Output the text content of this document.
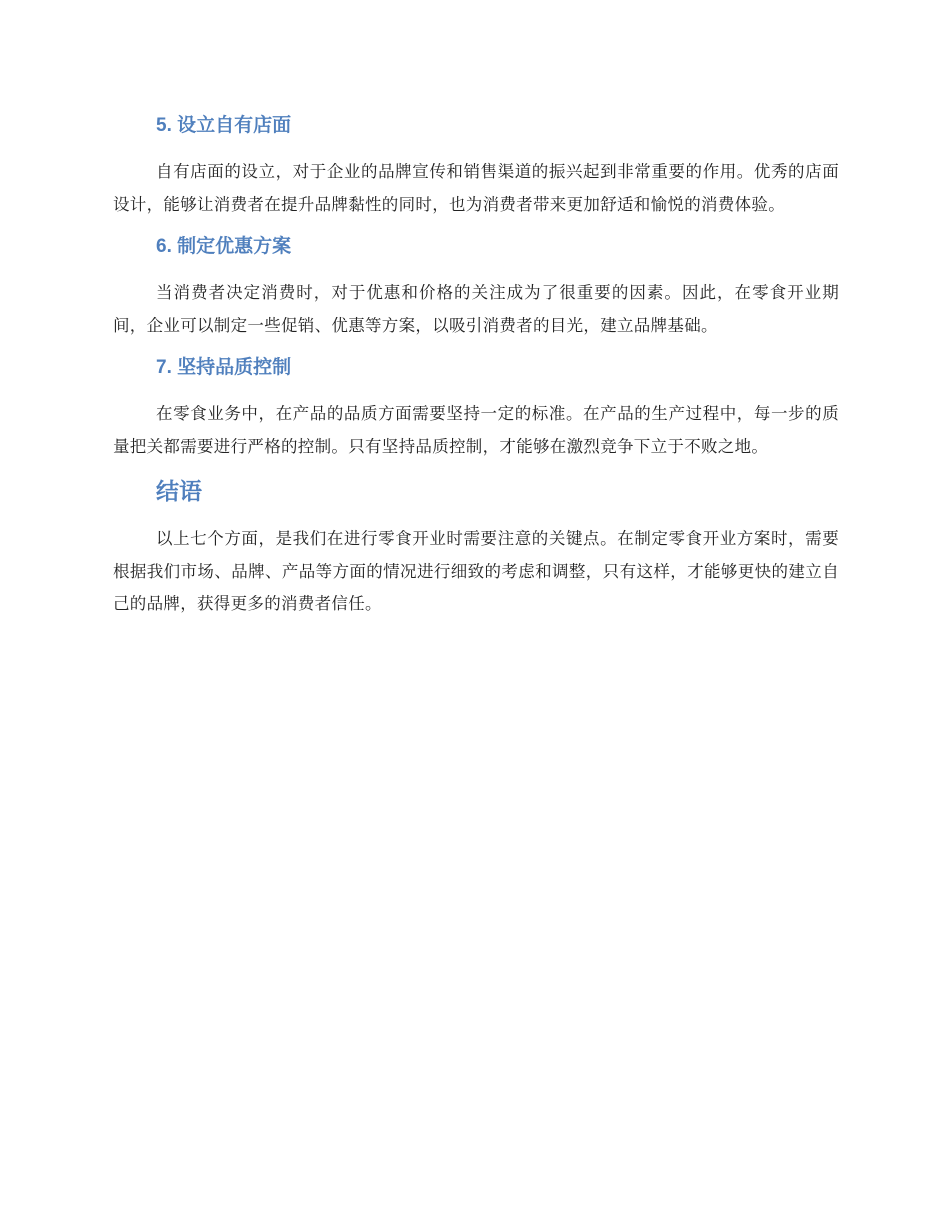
5. 设立自有店面

自有店面的设立，对于企业的品牌宣传和销售渠道的振兴起到非常重要的作用。优秀的店面设计，能够让消费者在提升品牌黏性的同时，也为消费者带来更加舒适和愉悦的消费体验。

6. 制定优惠方案

当消费者决定消费时，对于优惠和价格的关注成为了很重要的因素。因此，在零食开业期间，企业可以制定一些促销、优惠等方案，以吸引消费者的目光，建立品牌基础。

7. 坚持品质控制

在零食业务中，在产品的品质方面需要坚持一定的标准。在产品的生产过程中，每一步的质量把关都需要进行严格的控制。只有坚持品质控制，才能够在激烈竞争下立于不败之地。

结语

以上七个方面，是我们在进行零食开业时需要注意的关键点。在制定零食开业方案时，需要根据我们市场、品牌、产品等方面的情况进行细致的考虑和调整，只有这样，才能够更快的建立自己的品牌，获得更多的消费者信任。
